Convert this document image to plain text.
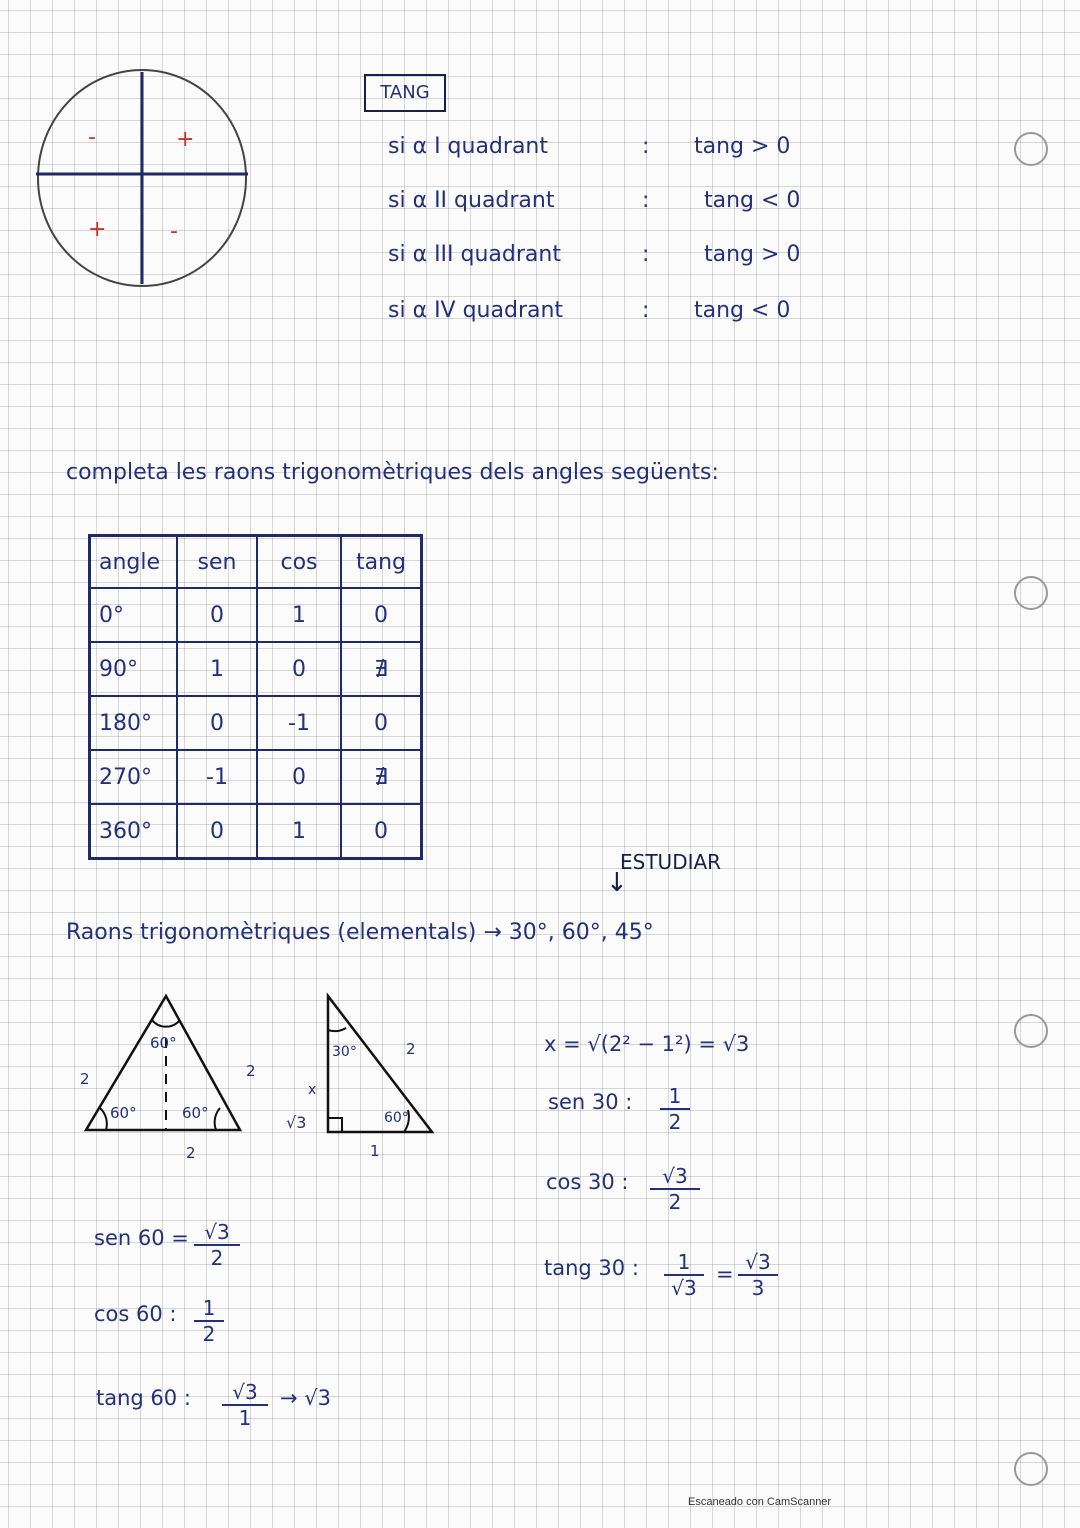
-	+
+	-
TANG
si α I quadrant	: tang > 0
si α II quadrant	: tang < 0
si α III quadrant	: tang > 0
si α IV quadrant	: tang < 0
completa les raons trigonomètriques dels angles següents:
angle	sen	cos	tang
0°	0	1	0
90°	1	0	∄
180°	0	-1	0
270°	-1	0	∄
360°	0	1	0
ESTUDIAR
↓
Raons trigonomètriques (elementals) → 30°, 60°, 45°
60°
60°	60°
2	2
2
30°
60°
2
x
√3
1
x = √(2² − 1²) = √3
sen 30 : $\frac{1}{2}$
cos 30 : $\frac{√3}{2}$
tang 30 : $\frac{1}{√3} = \frac{√3}{3}$
sen $60 = \frac{√3}{2}$
cos 60 : $\frac{1}{2}$
tang 60 : $\frac{√3}{1} \to √3$
Escaneado con CamScanner
